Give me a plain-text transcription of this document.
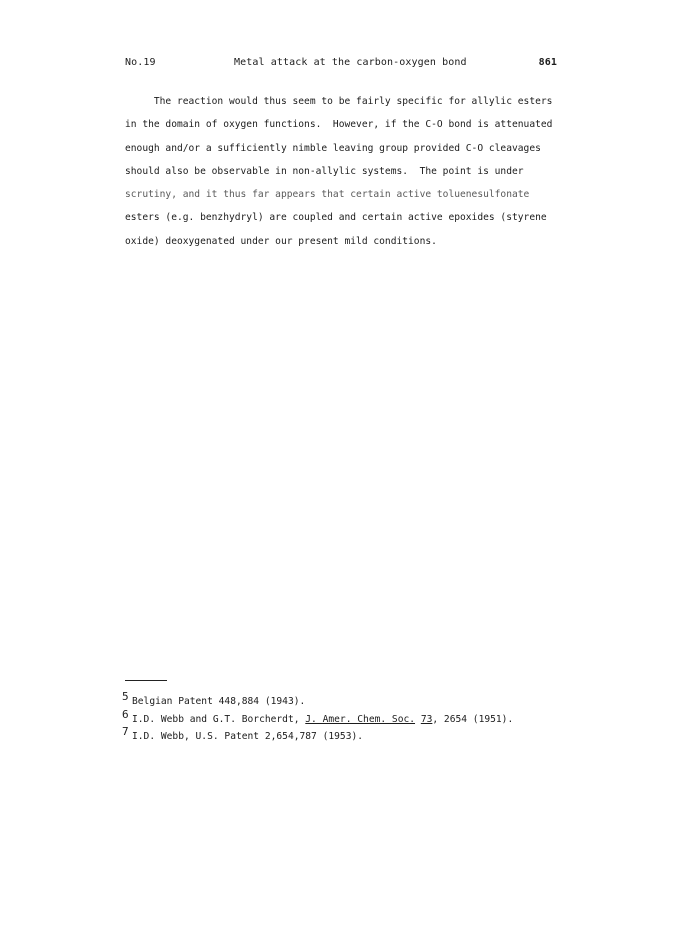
No.19	Metal attack at the carbon-oxygen bond	861
The reaction would thus seem to be fairly specific for allylic esters
in the domain of oxygen functions.  However, if the C-O bond is attenuated
enough and/or a sufficiently nimble leaving group provided C-O cleavages
should also be observable in non-allylic systems.  The point is under
scrutiny, and it thus far appears that certain active toluenesulfonate
esters (e.g. benzhydryl) are coupled and certain active epoxides (styrene
oxide) deoxygenated under our present mild conditions.
5 Belgian Patent 448,884 (1943).
6 I.D. Webb and G.T. Borcherdt, J. Amer. Chem. Soc. 73, 2654 (1951).
7 I.D. Webb, U.S. Patent 2,654,787 (1953).
